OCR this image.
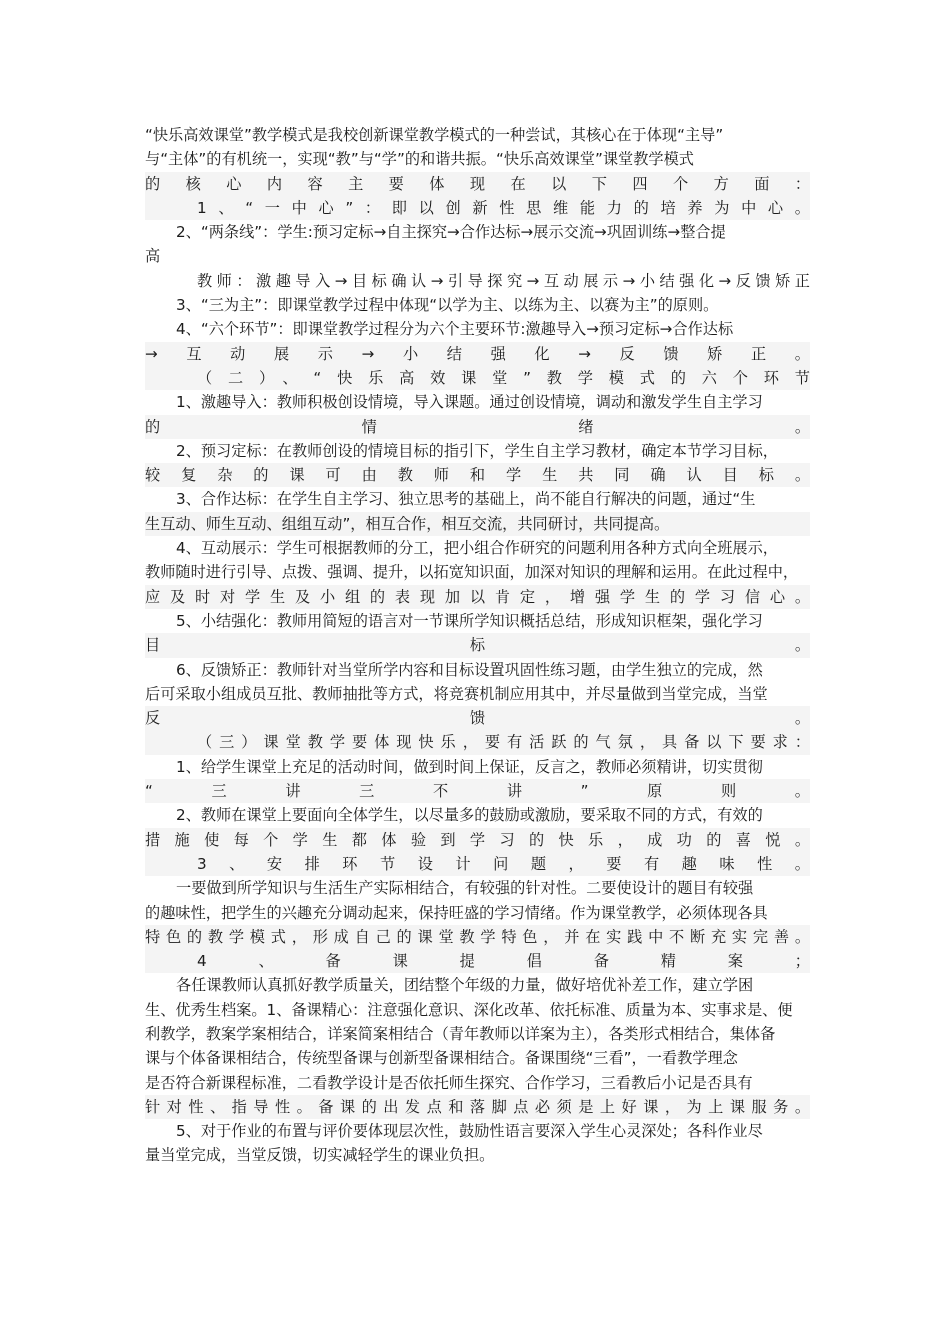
“快乐高效课堂”教学模式是我校创新课堂教学模式的一种尝试，其核心在于体现“主导”
与“主体”的有机统一，实现“教”与“学”的和谐共振。“快乐高效课堂”课堂教学模式
的核心内容主要体现在以下四个方面：
1、“一中心”：即以创新性思维能力的培养为中心。
2、“两条线”：学生:预习定标→自主探究→合作达标→展示交流→巩固训练→整合提
高
教师：激趣导入→目标确认→引导探究→互动展示→小结强化→反馈矫正
3、“三为主”：即课堂教学过程中体现“以学为主、以练为主、以赛为主”的原则。
4、“六个环节”：即课堂教学过程分为六个主要环节:激趣导入→预习定标→合作达标
→互动展示→小结强化→反馈矫正。
（二）、“快乐高效课堂”教学模式的六个环节
1、激趣导入：教师积极创设情境，导入课题。通过创设情境，调动和激发学生自主学习
的情绪。
2、预习定标：在教师创设的情境目标的指引下，学生自主学习教材，确定本节学习目标，
较复杂的课可由教师和学生共同确认目标。
3、合作达标：在学生自主学习、独立思考的基础上，尚不能自行解决的问题，通过“生
生互动、师生互动、组组互动”，相互合作，相互交流，共同研讨，共同提高。
4、互动展示：学生可根据教师的分工，把小组合作研究的问题利用各种方式向全班展示，
教师随时进行引导、点拨、强调、提升，以拓宽知识面，加深对知识的理解和运用。在此过程中，
应及时对学生及小组的表现加以肯定，增强学生的学习信心。
5、小结强化：教师用简短的语言对一节课所学知识概括总结，形成知识框架，强化学习
目标。
6、反馈矫正：教师针对当堂所学内容和目标设置巩固性练习题，由学生独立的完成，然
后可采取小组成员互批、教师抽批等方式，将竞赛机制应用其中，并尽量做到当堂完成，当堂
反馈。
（三）课堂教学要体现快乐，要有活跃的气氛，具备以下要求：
1、给学生课堂上充足的活动时间，做到时间上保证，反言之，教师必须精讲，切实贯彻
“三讲三不讲”原则。
2、教师在课堂上要面向全体学生，以尽量多的鼓励或激励，要采取不同的方式，有效的
措施使每个学生都体验到学习的快乐，成功的喜悦。
3、安排环节设计问题，要有趣味性。
一要做到所学知识与生活生产实际相结合，有较强的针对性。二要使设计的题目有较强
的趣味性，把学生的兴趣充分调动起来，保持旺盛的学习情绪。作为课堂教学，必须体现各具
特色的教学模式，形成自己的课堂教学特色，并在实践中不断充实完善。
4、备课提倡备精案；
各任课教师认真抓好教学质量关，团结整个年级的力量，做好培优补差工作，建立学困
生、优秀生档案。1、备课精心：注意强化意识、深化改革、依托标准、质量为本、实事求是、便
利教学，教案学案相结合，详案简案相结合（青年教师以详案为主），各类形式相结合，集体备
课与个体备课相结合，传统型备课与创新型备课相结合。备课围绕“三看”，一看教学理念
是否符合新课程标准，二看教学设计是否依托师生探究、合作学习，三看教后小记是否具有
针对性、指导性。备课的出发点和落脚点必须是上好课，为上课服务。
5、对于作业的布置与评价要体现层次性，鼓励性语言要深入学生心灵深处；各科作业尽
量当堂完成，当堂反馈，切实减轻学生的课业负担。
